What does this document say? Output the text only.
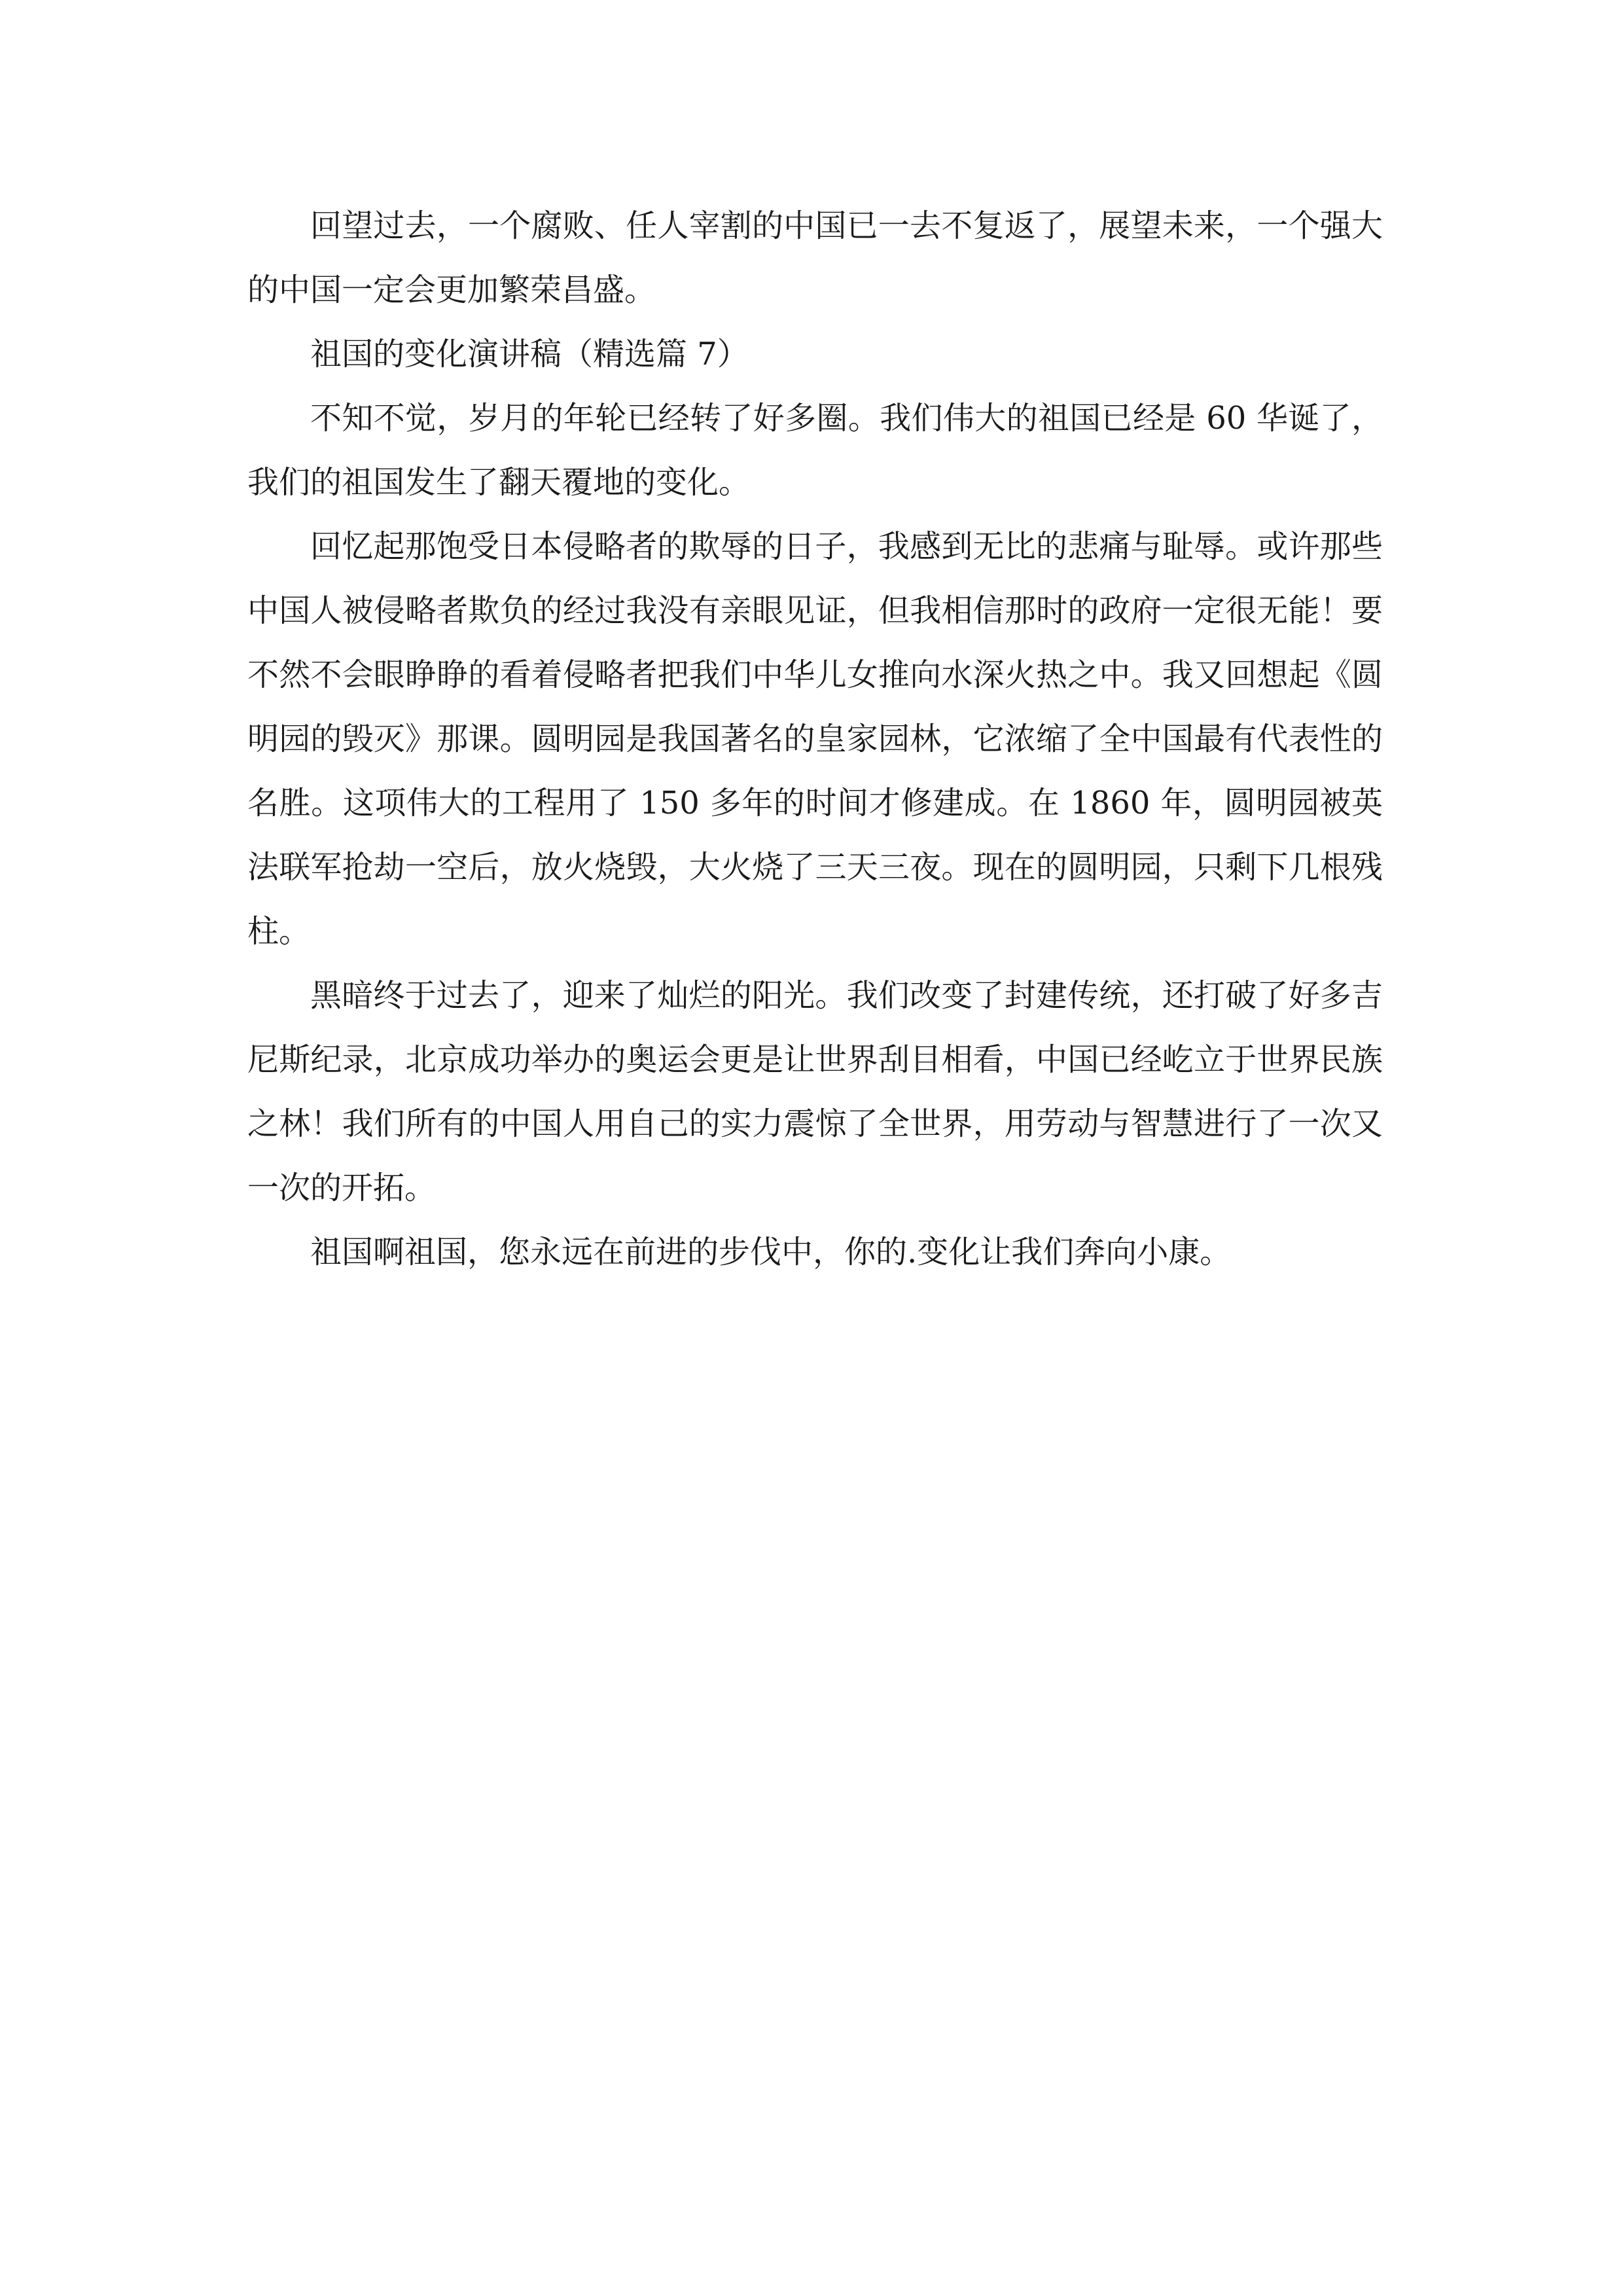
回望过去，一个腐败、任人宰割的中国已一去不复返了，展望未来，一个强大的中国一定会更加繁荣昌盛。

祖国的变化演讲稿（精选篇 7）

不知不觉，岁月的年轮已经转了好多圈。我们伟大的祖国已经是 60 华诞了，我们的祖国发生了翻天覆地的变化。

回忆起那饱受日本侵略者的欺辱的日子，我感到无比的悲痛与耻辱。或许那些中国人被侵略者欺负的经过我没有亲眼见证，但我相信那时的政府一定很无能！要不然不会眼睁睁的看着侵略者把我们中华儿女推向水深火热之中。我又回想起《圆明园的毁灭》那课。圆明园是我国著名的皇家园林，它浓缩了全中国最有代表性的名胜。这项伟大的工程用了 150 多年的时间才修建成。在 1860 年，圆明园被英法联军抢劫一空后，放火烧毁，大火烧了三天三夜。现在的圆明园，只剩下几根残柱。

黑暗终于过去了，迎来了灿烂的阳光。我们改变了封建传统，还打破了好多吉尼斯纪录，北京成功举办的奥运会更是让世界刮目相看，中国已经屹立于世界民族之林！我们所有的中国人用自己的实力震惊了全世界，用劳动与智慧进行了一次又一次的开拓。

祖国啊祖国，您永远在前进的步伐中，你的.变化让我们奔向小康。
